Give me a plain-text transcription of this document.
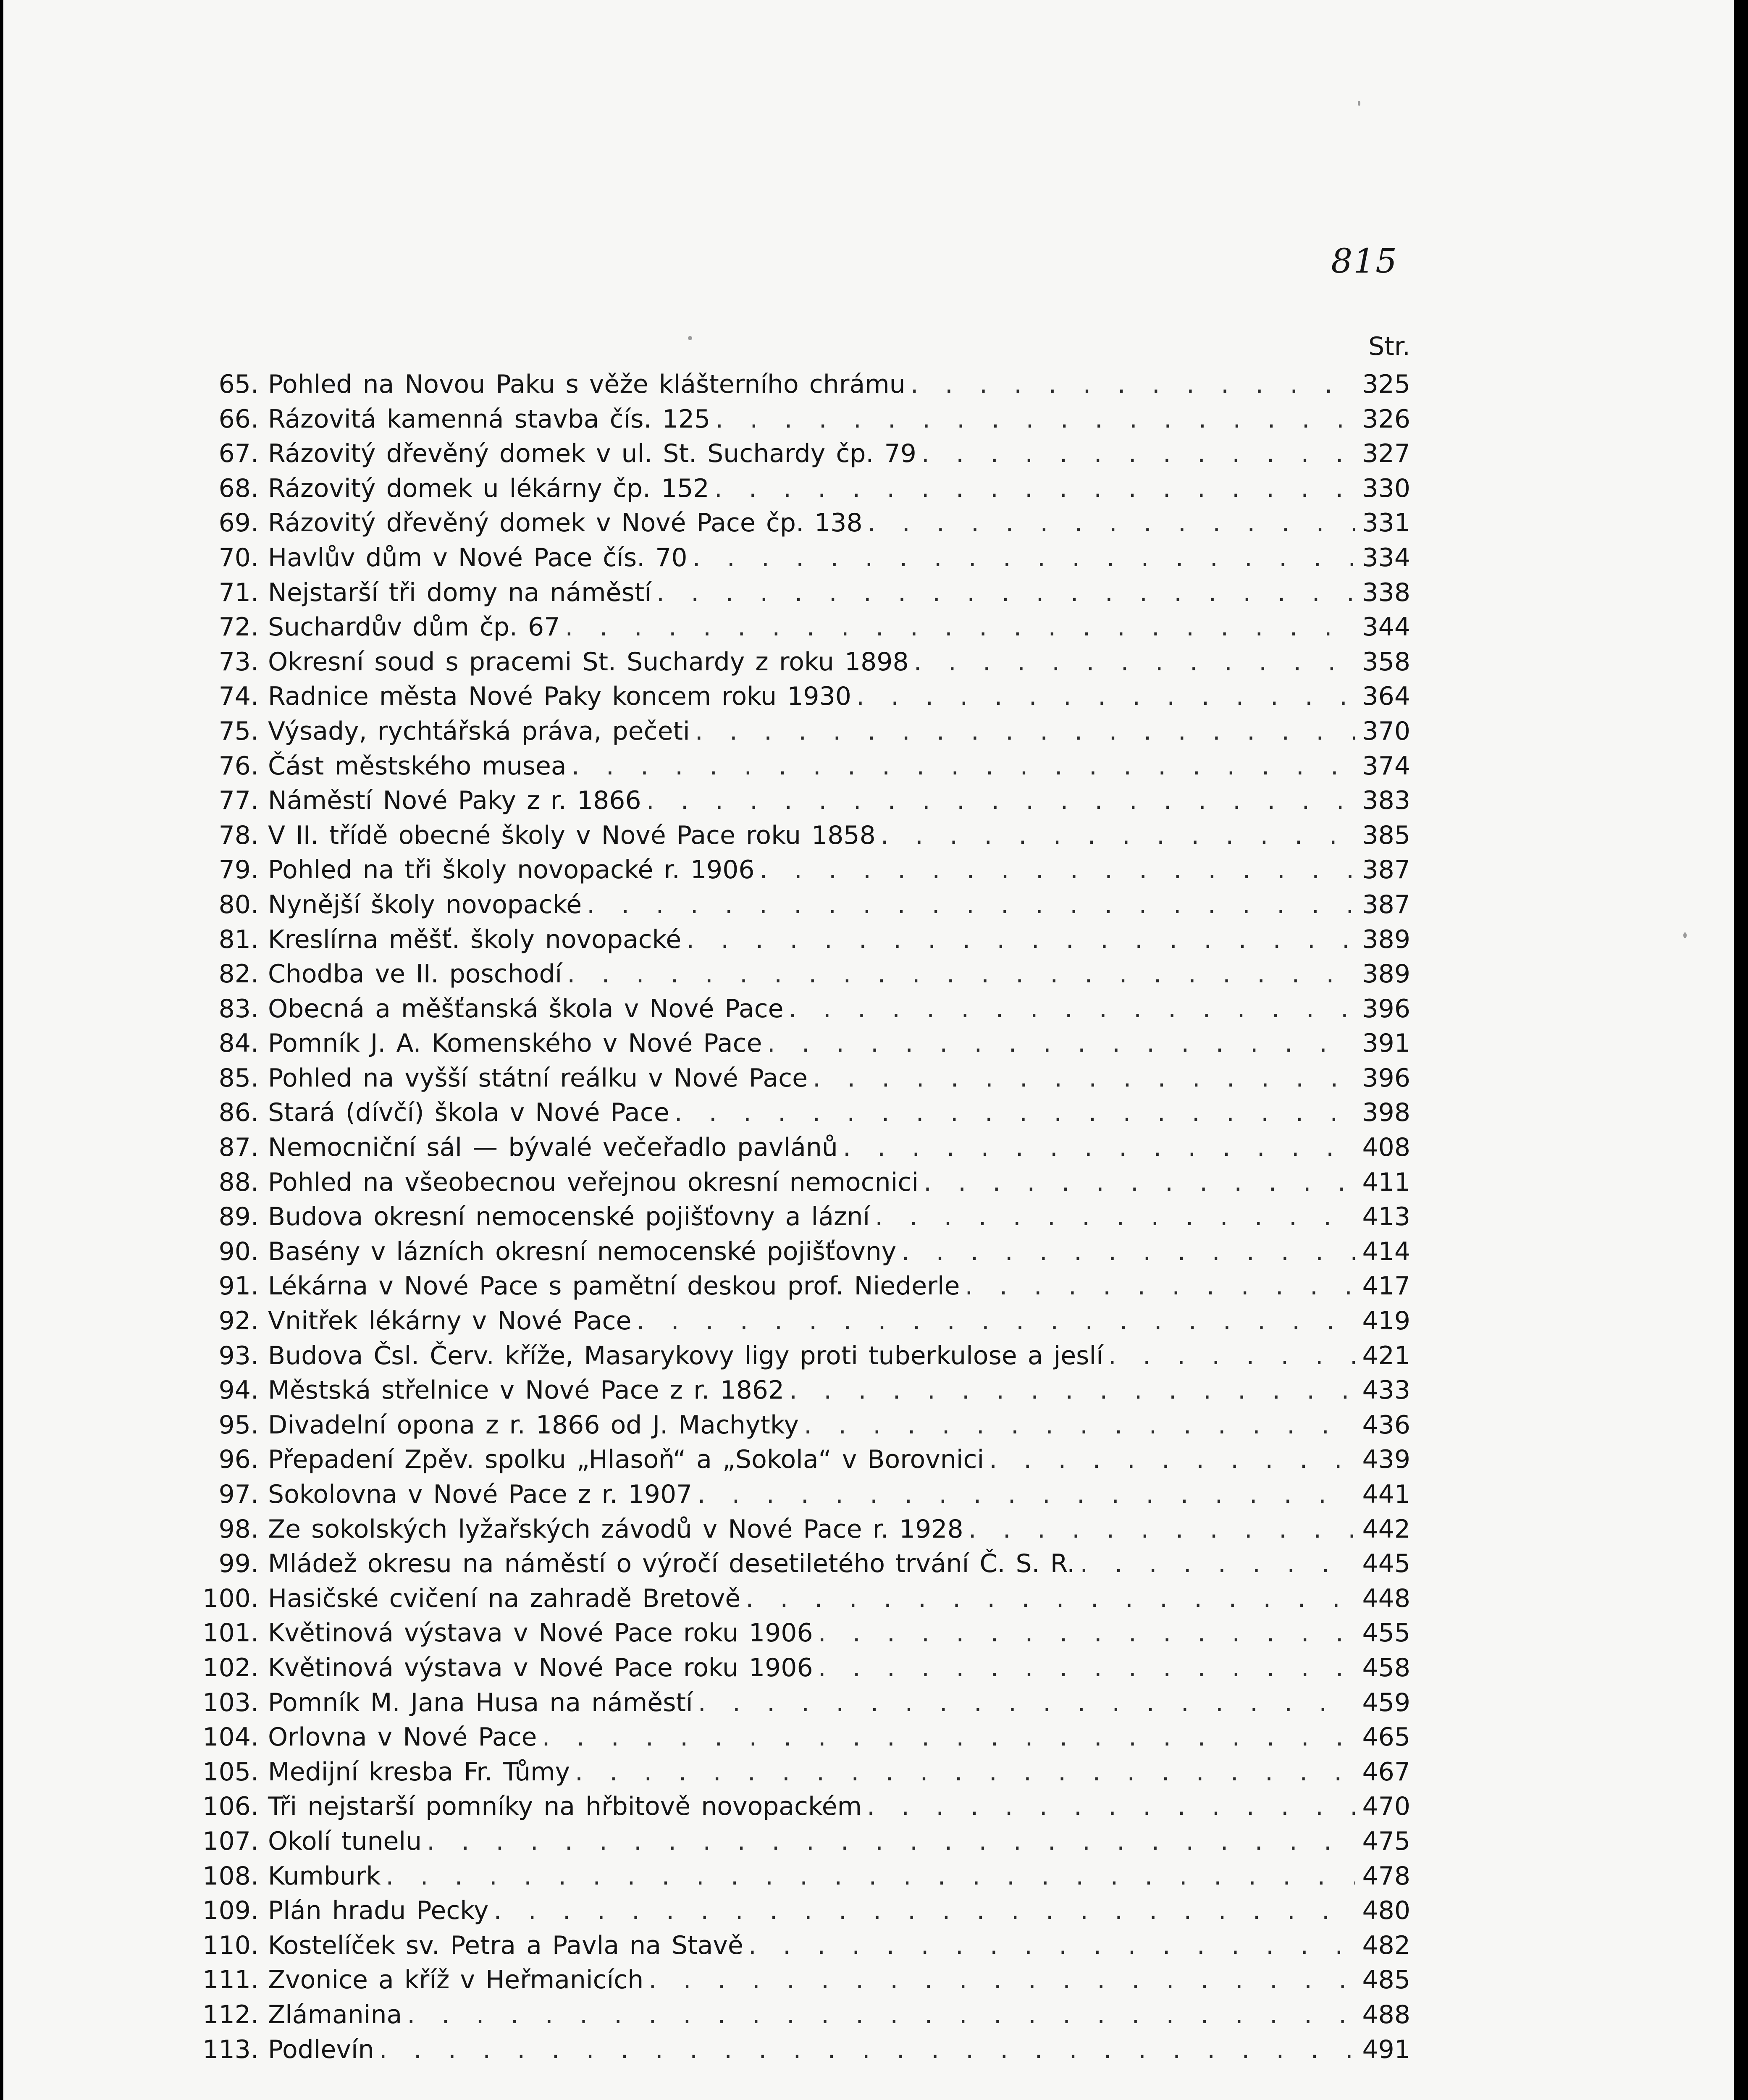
815
Str.
65. Pohled na Novou Paku s věže klášterního chrámu . . .	325
66. Rázovitá kamenná stavba čís. 125 . . .	326
67. Rázovitý dřevěný domek v ul. St. Suchardy čp. 79 . . .	327
68. Rázovitý domek u lékárny čp. 152 . . .	330
69. Rázovitý dřevěný domek v Nové Pace čp. 138 . . .	331
70. Havlův dům v Nové Pace čís. 70 . . .	334
71. Nejstarší tři domy na náměstí . . .	338
72. Suchardův dům čp. 67 . . .	344
73. Okresní soud s pracemi St. Suchardy z roku 1898 . . .	358
74. Radnice města Nové Paky koncem roku 1930 . . .	364
75. Výsady, rychtářská práva, pečeti . . .	370
76. Část městského musea . . .	374
77. Náměstí Nové Paky z r. 1866 . . .	383
78. V II. třídě obecné školy v Nové Pace roku 1858 . . .	385
79. Pohled na tři školy novopacké r. 1906 . . .	387
80. Nynější školy novopacké . . .	387
81. Kreslírna měšť. školy novopacké . . .	389
82. Chodba ve II. poschodí . . .	389
83. Obecná a měšťanská škola v Nové Pace . . .	396
84. Pomník J. A. Komenského v Nové Pace . . .	391
85. Pohled na vyšší státní reálku v Nové Pace . . .	396
86. Stará (dívčí) škola v Nové Pace . . .	398
87. Nemocniční sál — bývalé večeřadlo pavlánů . . .	408
88. Pohled na všeobecnou veřejnou okresní nemocnici . . .	411
89. Budova okresní nemocenské pojišťovny a lázní . . .	413
90. Basény v lázních okresní nemocenské pojišťovny . . .	414
91. Lékárna v Nové Pace s pamětní deskou prof. Niederle . . .	417
92. Vnitřek lékárny v Nové Pace . . .	419
93. Budova Čsl. Červ. kříže, Masarykovy ligy proti tuberkulose a jeslí . . .	421
94. Městská střelnice v Nové Pace z r. 1862 . . .	433
95. Divadelní opona z r. 1866 od J. Machytky . . .	436
96. Přepadení Zpěv. spolku „Hlasoň“ a „Sokola“ v Borovnici . . .	439
97. Sokolovna v Nové Pace z r. 1907 . . .	441
98. Ze sokolských lyžařských závodů v Nové Pace r. 1928 . . .	442
99. Mládež okresu na náměstí o výročí desetiletého trvání Č. S. R. . . .	445
100. Hasičské cvičení na zahradě Bretově . . .	448
101. Květinová výstava v Nové Pace roku 1906 . . .	455
102. Květinová výstava v Nové Pace roku 1906 . . .	458
103. Pomník M. Jana Husa na náměstí . . .	459
104. Orlovna v Nové Pace . . .	465
105. Medijní kresba Fr. Tůmy . . .	467
106. Tři nejstarší pomníky na hřbitově novopackém . . .	470
107. Okolí tunelu . . .	475
108. Kumburk . . .	478
109. Plán hradu Pecky . . .	480
110. Kostelíček sv. Petra a Pavla na Stavě . . .	482
111. Zvonice a kříž v Heřmanicích . . .	485
112. Zlámanina . . .	488
113. Podlevín . . .	491
